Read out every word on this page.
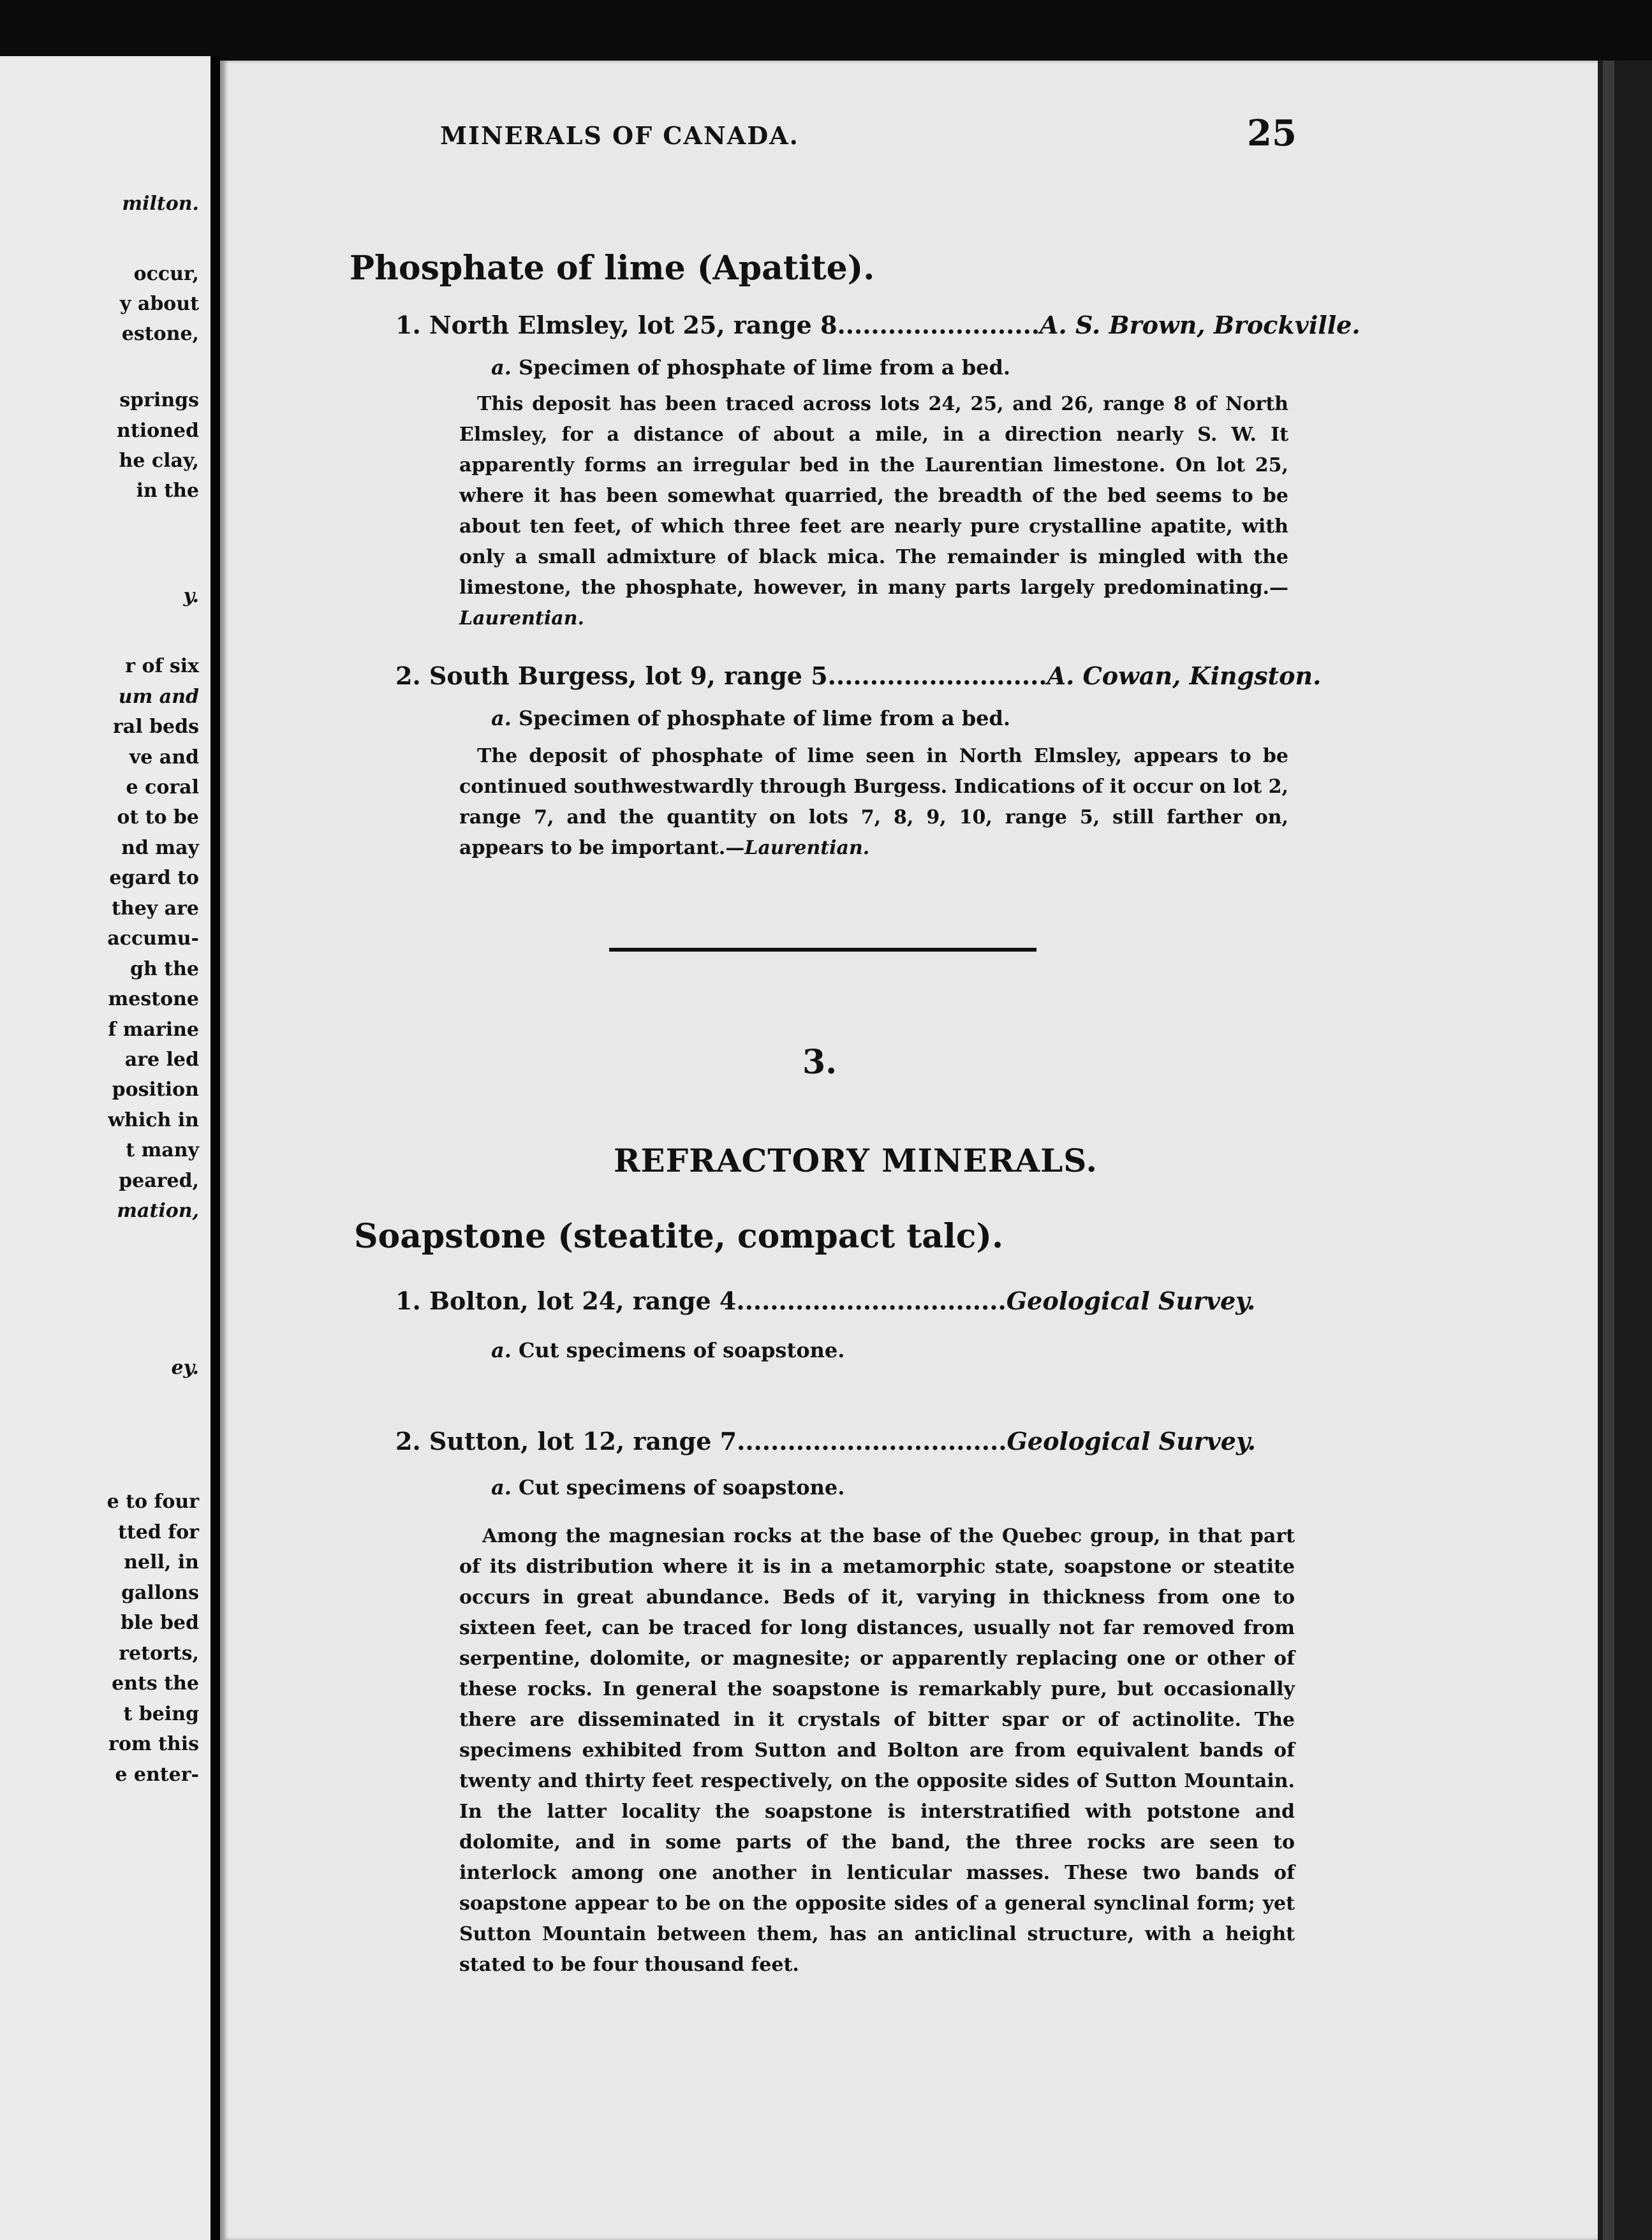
milton.
occur,
y about
estone,
springs
ntioned
he clay,
in the
y.
r of six
um and
ral beds
ve and
e coral
ot to be
nd may
egard to
they are
accumu-
gh the
mestone
f marine
are led
position
which in
t many
peared,
mation,
ey.
e to four
tted for
nell, in
gallons
ble bed
retorts,
ents the
t being
rom this
e enter-
MINERALS OF CANADA.	25
Phosphate of lime (Apatite).
1. North Elmsley, lot 25, range 8........................A. S. Brown, Brockville.
a. Specimen of phosphate of lime from a bed.
This deposit has been traced across lots 24, 25, and 26, range 8 of North Elmsley, for a distance of about a mile, in a direction nearly S. W. It apparently forms an irregular bed in the Laurentian limestone. On lot 25, where it has been somewhat quarried, the breadth of the bed seems to be about ten feet, of which three feet are nearly pure crystalline apatite, with only a small admixture of black mica. The remainder is mingled with the limestone, the phosphate, however, in many parts largely predominating.—Laurentian.
2. South Burgess, lot 9, range 5..........................A. Cowan, Kingston.
a. Specimen of phosphate of lime from a bed.
The deposit of phosphate of lime seen in North Elmsley, appears to be continued southwestwardly through Burgess. Indications of it occur on lot 2, range 7, and the quantity on lots 7, 8, 9, 10, range 5, still farther on, appears to be important.—Laurentian.
3.
REFRACTORY MINERALS.
Soapstone (steatite, compact talc).
1. Bolton, lot 24, range 4................................Geological Survey.
a. Cut specimens of soapstone.
2. Sutton, lot 12, range 7................................Geological Survey.
a. Cut specimens of soapstone.
Among the magnesian rocks at the base of the Quebec group, in that part of its distribution where it is in a metamorphic state, soapstone or steatite occurs in great abundance. Beds of it, varying in thickness from one to sixteen feet, can be traced for long distances, usually not far removed from serpentine, dolomite, or magnesite; or apparently replacing one or other of these rocks. In general the soapstone is remarkably pure, but occasionally there are disseminated in it crystals of bitter spar or of actinolite. The specimens exhibited from Sutton and Bolton are from equivalent bands of twenty and thirty feet respectively, on the opposite sides of Sutton Mountain. In the latter locality the soapstone is interstratified with potstone and dolomite, and in some parts of the band, the three rocks are seen to interlock among one another in lenticular masses. These two bands of soapstone appear to be on the opposite sides of a general synclinal form; yet Sutton Mountain between them, has an anticlinal structure, with a height stated to be four thousand feet.
